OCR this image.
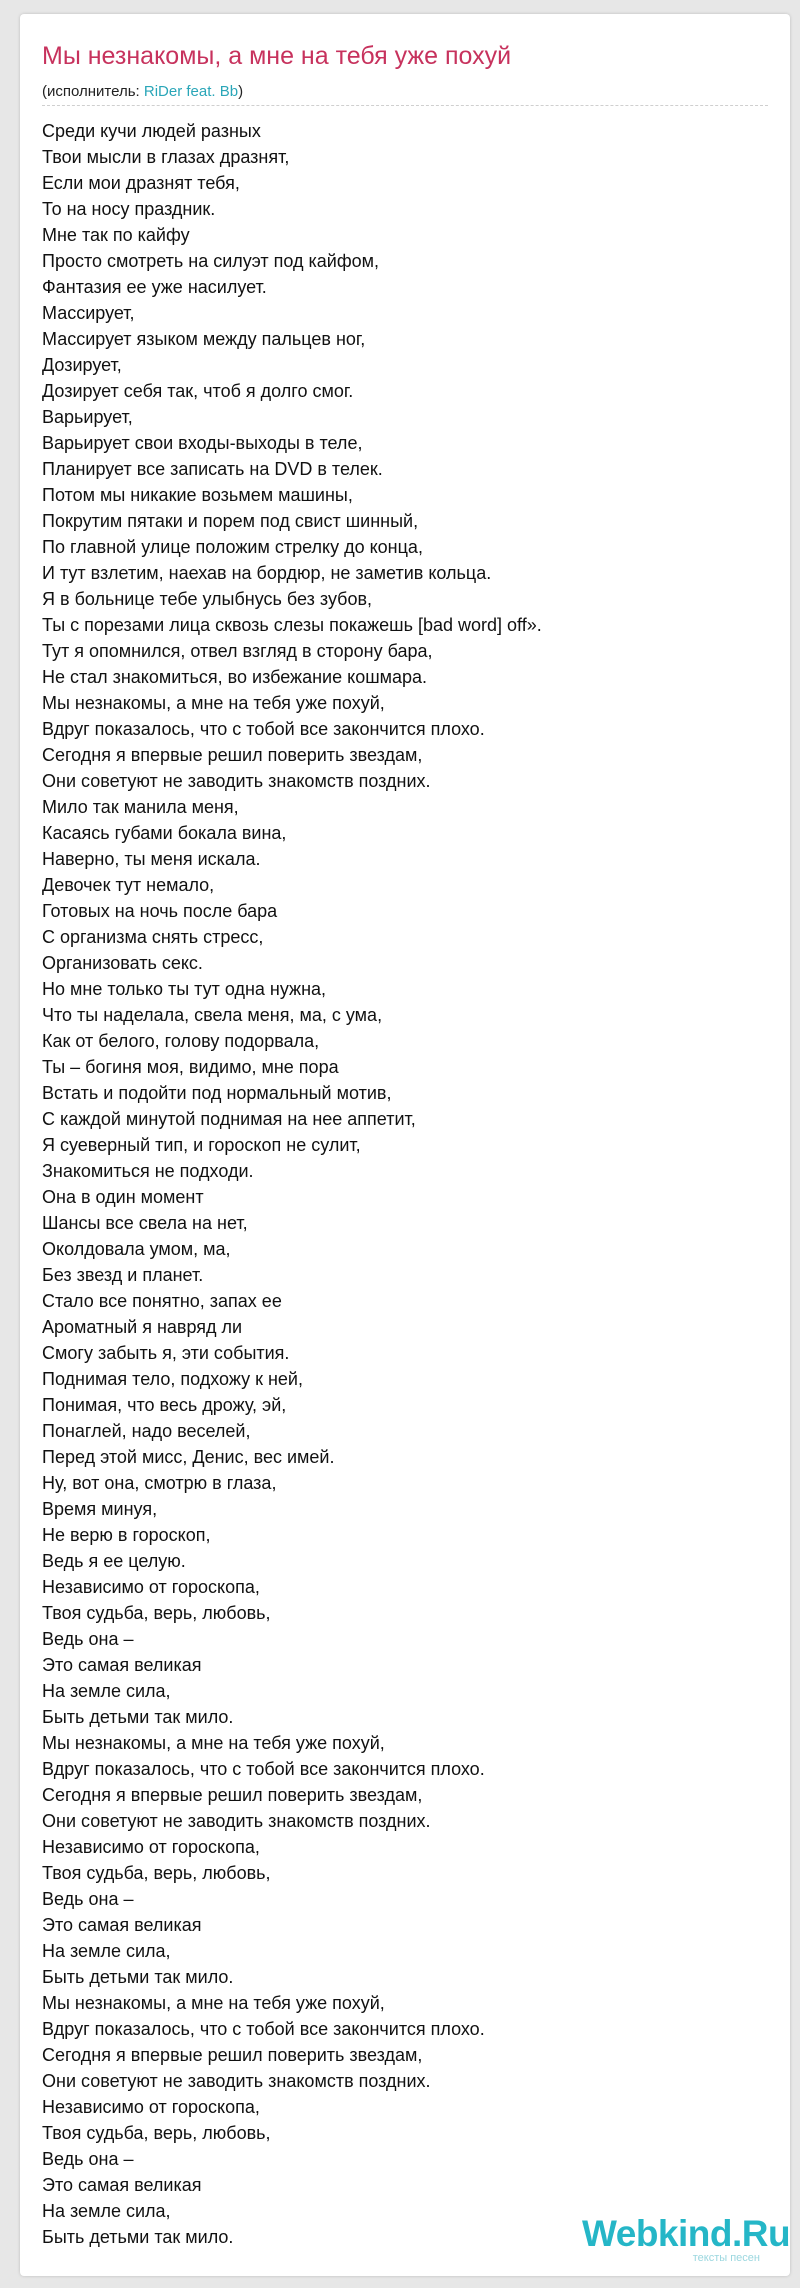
Мы незнакомы, а мне на тебя уже похуй
(исполнитель: RiDer feat. Bb)
Среди кучи людей разных
Твои мысли в глазах дразнят,
Если мои дразнят тебя,
То на носу праздник.
Мне так по кайфу
Просто смотреть на силуэт под кайфом,
Фантазия ее уже насилует.
Массирует,
Массирует языком между пальцев ног,
Дозирует,
Дозирует себя так, чтоб я долго смог.
Варьирует,
Варьирует свои входы-выходы в теле,
Планирует все записать на DVD в телек.
Потом мы никакие возьмем машины,
Покрутим пятаки и порем под свист шинный,
По главной улице положим стрелку до конца,
И тут взлетим, наехав на бордюр, не заметив кольца.
Я в больнице тебе улыбнусь без зубов,
Ты с порезами лица сквозь слезы покажешь [bad word] off».
Тут я опомнился, отвел взгляд в сторону бара,
Не стал знакомиться, во избежание кошмара.
Мы незнакомы, а мне на тебя уже похуй,
Вдруг показалось, что с тобой все закончится плохо.
Сегодня я впервые решил поверить звездам,
Они советуют не заводить знакомств поздних.
Мило так манила меня,
Касаясь губами бокала вина,
Наверно, ты меня искала.
Девочек тут немало,
Готовых на ночь после бара
С организма снять стресс,
Организовать секс.
Но мне только ты тут одна нужна,
Что ты наделала, свела меня, ма, с ума,
Как от белого, голову подорвала,
Ты – богиня моя, видимо, мне пора
Встать и подойти под нормальный мотив,
С каждой минутой поднимая на нее аппетит,
Я суеверный тип, и гороскоп не сулит,
Знакомиться не подходи.
Она в один момент
Шансы все свела на нет,
Околдовала умом, ма,
Без звезд и планет.
Стало все понятно, запах ее
Ароматный я навряд ли
Смогу забыть я, эти события.
Поднимая тело, подхожу к ней,
Понимая, что весь дрожу, эй,
Понаглей, надо веселей,
Перед этой мисс, Денис, вес имей.
Ну, вот она, смотрю в глаза,
Время минуя,
Не верю в гороскоп,
Ведь я ее целую.
Независимо от гороскопа,
Твоя судьба, верь, любовь,
Ведь она –
Это самая великая
На земле сила,
Быть детьми так мило.
Мы незнакомы, а мне на тебя уже похуй,
Вдруг показалось, что с тобой все закончится плохо.
Сегодня я впервые решил поверить звездам,
Они советуют не заводить знакомств поздних.
Независимо от гороскопа,
Твоя судьба, верь, любовь,
Ведь она –
Это самая великая
На земле сила,
Быть детьми так мило.
Мы незнакомы, а мне на тебя уже похуй,
Вдруг показалось, что с тобой все закончится плохо.
Сегодня я впервые решил поверить звездам,
Они советуют не заводить знакомств поздних.
Независимо от гороскопа,
Твоя судьба, верь, любовь,
Ведь она –
Это самая великая
На земле сила,
Быть детьми так мило.	Webkind.Ru
тексты песен
